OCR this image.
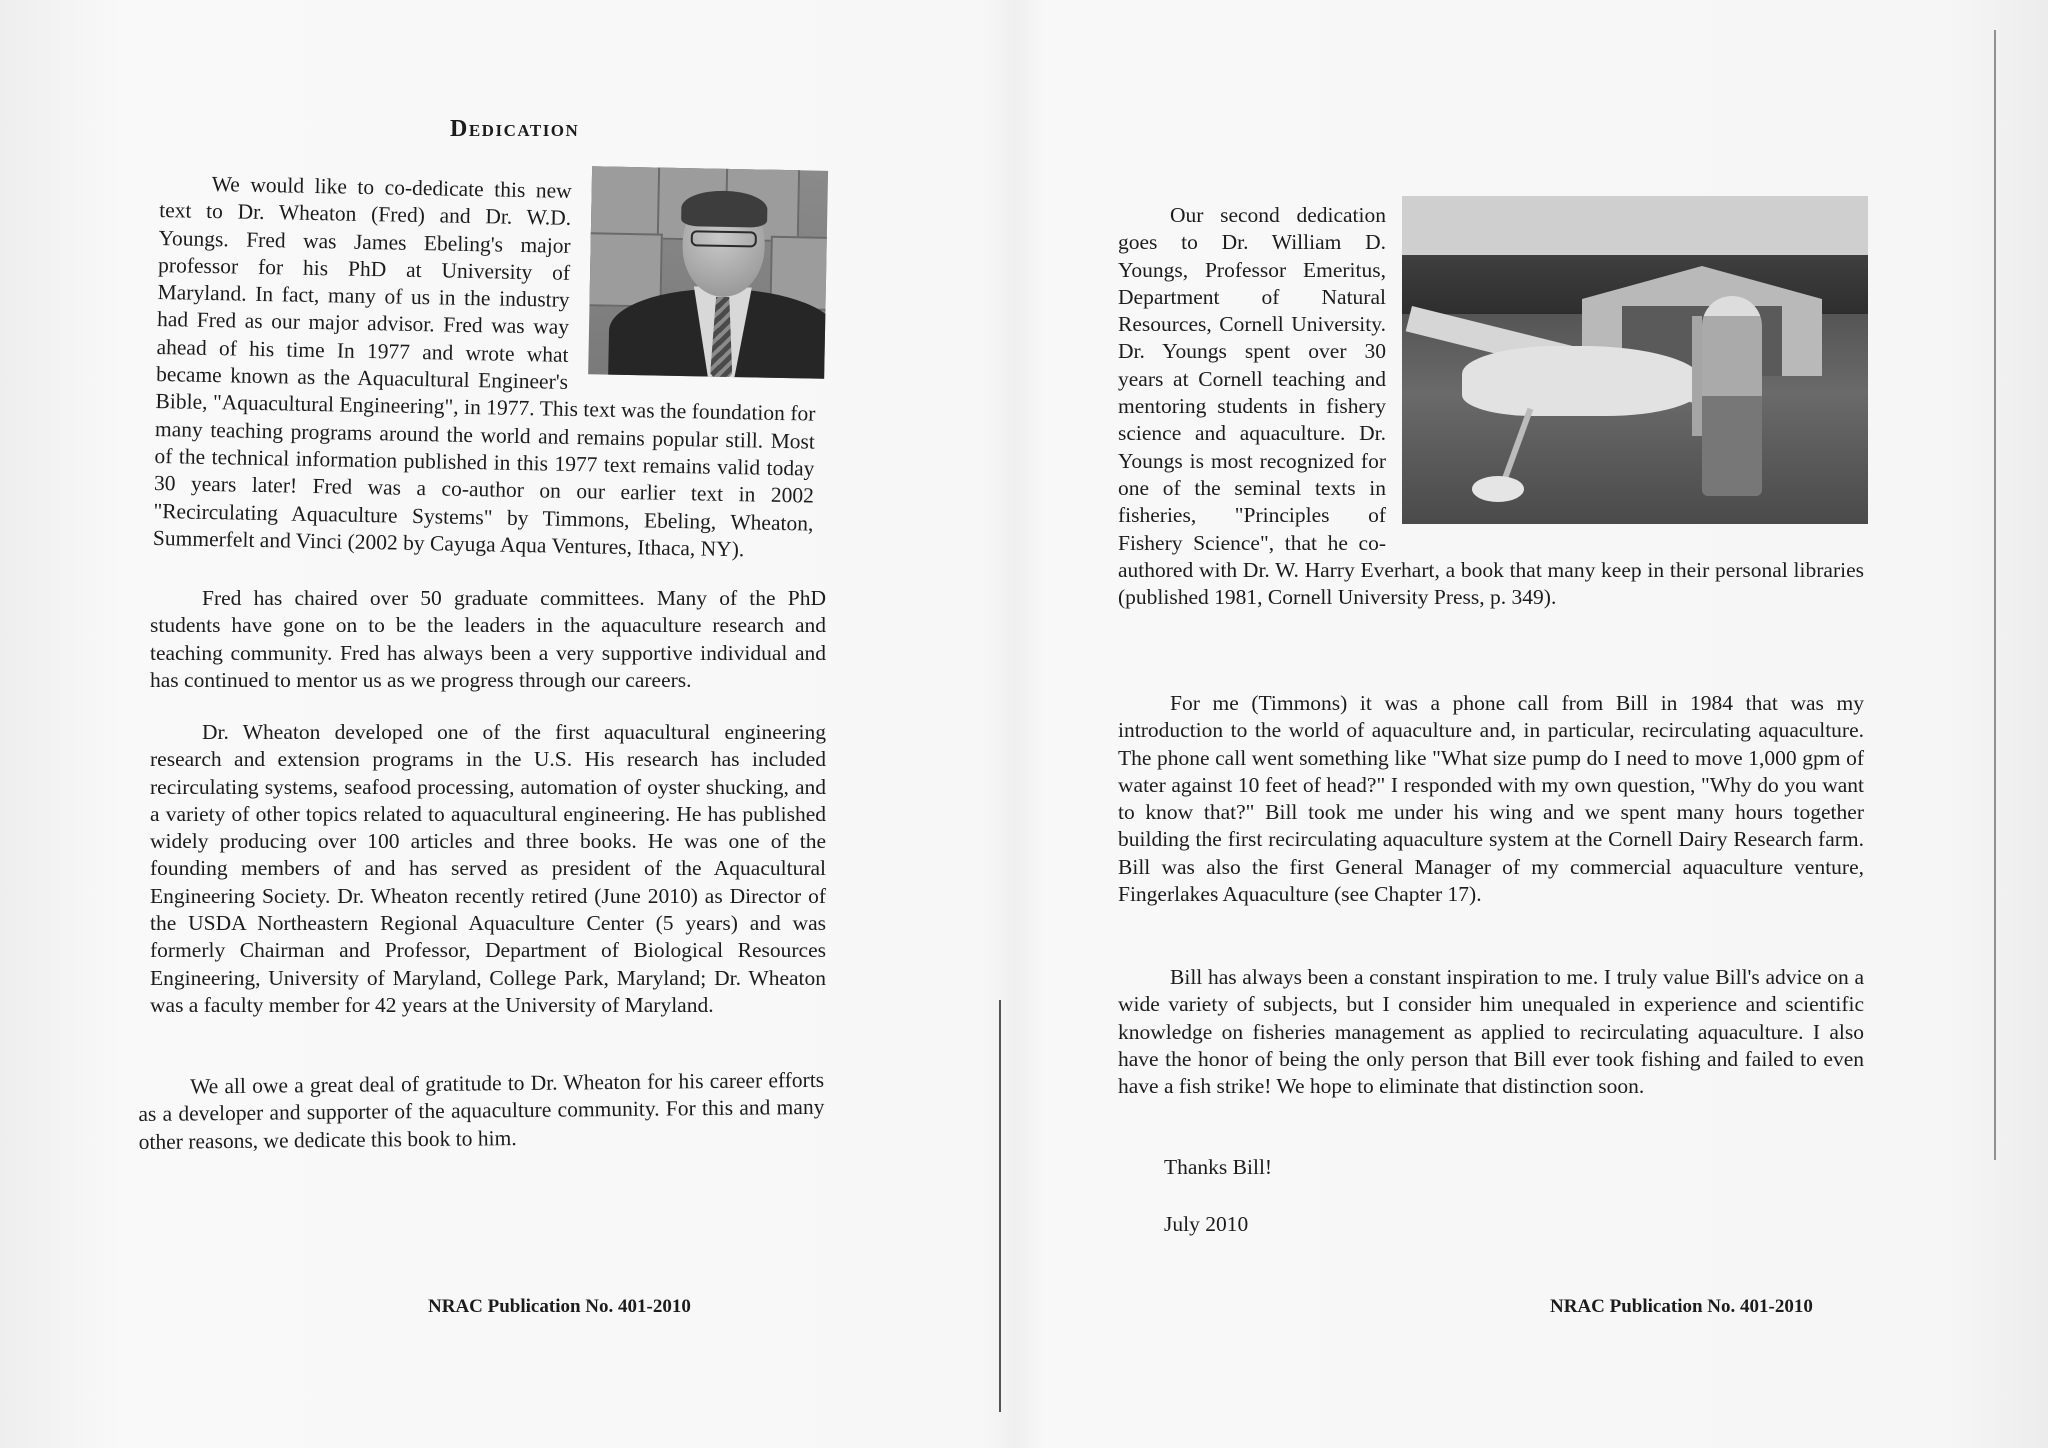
Dedication
We would like to co-dedicate this new text to Dr. Wheaton (Fred) and Dr. W.D. Youngs. Fred was James Ebeling's major professor for his PhD at University of Maryland. In fact, many of us in the industry had Fred as our major advisor. Fred was way ahead of his time In 1977 and wrote what became known as the Aquacultural Engineer's Bible, "Aquacultural Engineering", in 1977. This text was the foundation for many teaching programs around the world and remains popular still. Most of the technical information published in this 1977 text remains valid today 30 years later! Fred was a co-author on our earlier text in 2002 "Recirculating Aquaculture Systems" by Timmons, Ebeling, Wheaton, Summerfelt and Vinci (2002 by Cayuga Aqua Ventures, Ithaca, NY).

Fred has chaired over 50 graduate committees. Many of the PhD students have gone on to be the leaders in the aquaculture research and teaching community. Fred has always been a very supportive individual and has continued to mentor us as we progress through our careers.

Dr. Wheaton developed one of the first aquacultural engineering research and extension programs in the U.S. His research has included recirculating systems, seafood processing, automation of oyster shucking, and a variety of other topics related to aquacultural engineering. He has published widely producing over 100 articles and three books. He was one of the founding members of and has served as president of the Aquacultural Engineering Society. Dr. Wheaton recently retired (June 2010) as Director of the USDA Northeastern Regional Aquaculture Center (5 years) and was formerly Chairman and Professor, Department of Biological Resources Engineering, University of Maryland, College Park, Maryland; Dr. Wheaton was a faculty member for 42 years at the University of Maryland.

We all owe a great deal of gratitude to Dr. Wheaton for his career efforts as a developer and supporter of the aquaculture community. For this and many other reasons, we dedicate this book to him.

NRAC Publication No. 401-2010
Our second dedication goes to Dr. William D. Youngs, Professor Emeritus, Department of Natural Resources, Cornell University. Dr. Youngs spent over 30 years at Cornell teaching and mentoring students in fishery science and aquaculture. Dr. Youngs is most recognized for one of the seminal texts in fisheries, "Principles of Fishery Science", that he co-authored with Dr. W. Harry Everhart, a book that many keep in their personal libraries (published 1981, Cornell University Press, p. 349).

For me (Timmons) it was a phone call from Bill in 1984 that was my introduction to the world of aquaculture and, in particular, recirculating aquaculture. The phone call went something like "What size pump do I need to move 1,000 gpm of water against 10 feet of head?" I responded with my own question, "Why do you want to know that?" Bill took me under his wing and we spent many hours together building the first recirculating aquaculture system at the Cornell Dairy Research farm. Bill was also the first General Manager of my commercial aquaculture venture, Fingerlakes Aquaculture (see Chapter 17).

Bill has always been a constant inspiration to me. I truly value Bill's advice on a wide variety of subjects, but I consider him unequaled in experience and scientific knowledge on fisheries management as applied to recirculating aquaculture. I also have the honor of being the only person that Bill ever took fishing and failed to even have a fish strike! We hope to eliminate that distinction soon.

Thanks Bill!
July 2010
NRAC Publication No. 401-2010
